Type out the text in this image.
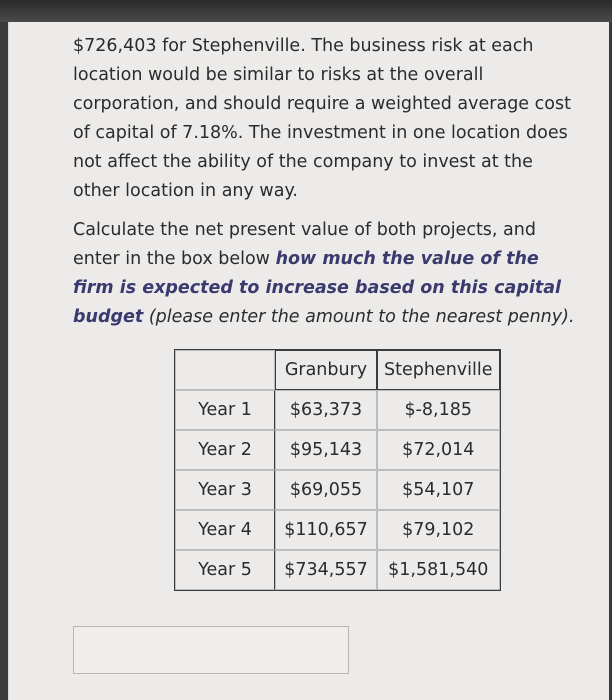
$726,403 for Stephenville. The business risk at each location would be similar to risks at the overall corporation, and should require a weighted average cost of capital of 7.18%. The investment in one location does not affect the ability of the company to invest at the other location in any way.

Calculate the net present value of both projects, and enter in the box below how much the value of the firm is expected to increase based on this capital budget (please enter the amount to the nearest penny).

	Granbury	Stephenville
Year 1	$63,373	$-8,185
Year 2	$95,143	$72,014
Year 3	$69,055	$54,107
Year 4	$110,657	$79,102
Year 5	$734,557	$1,581,540
